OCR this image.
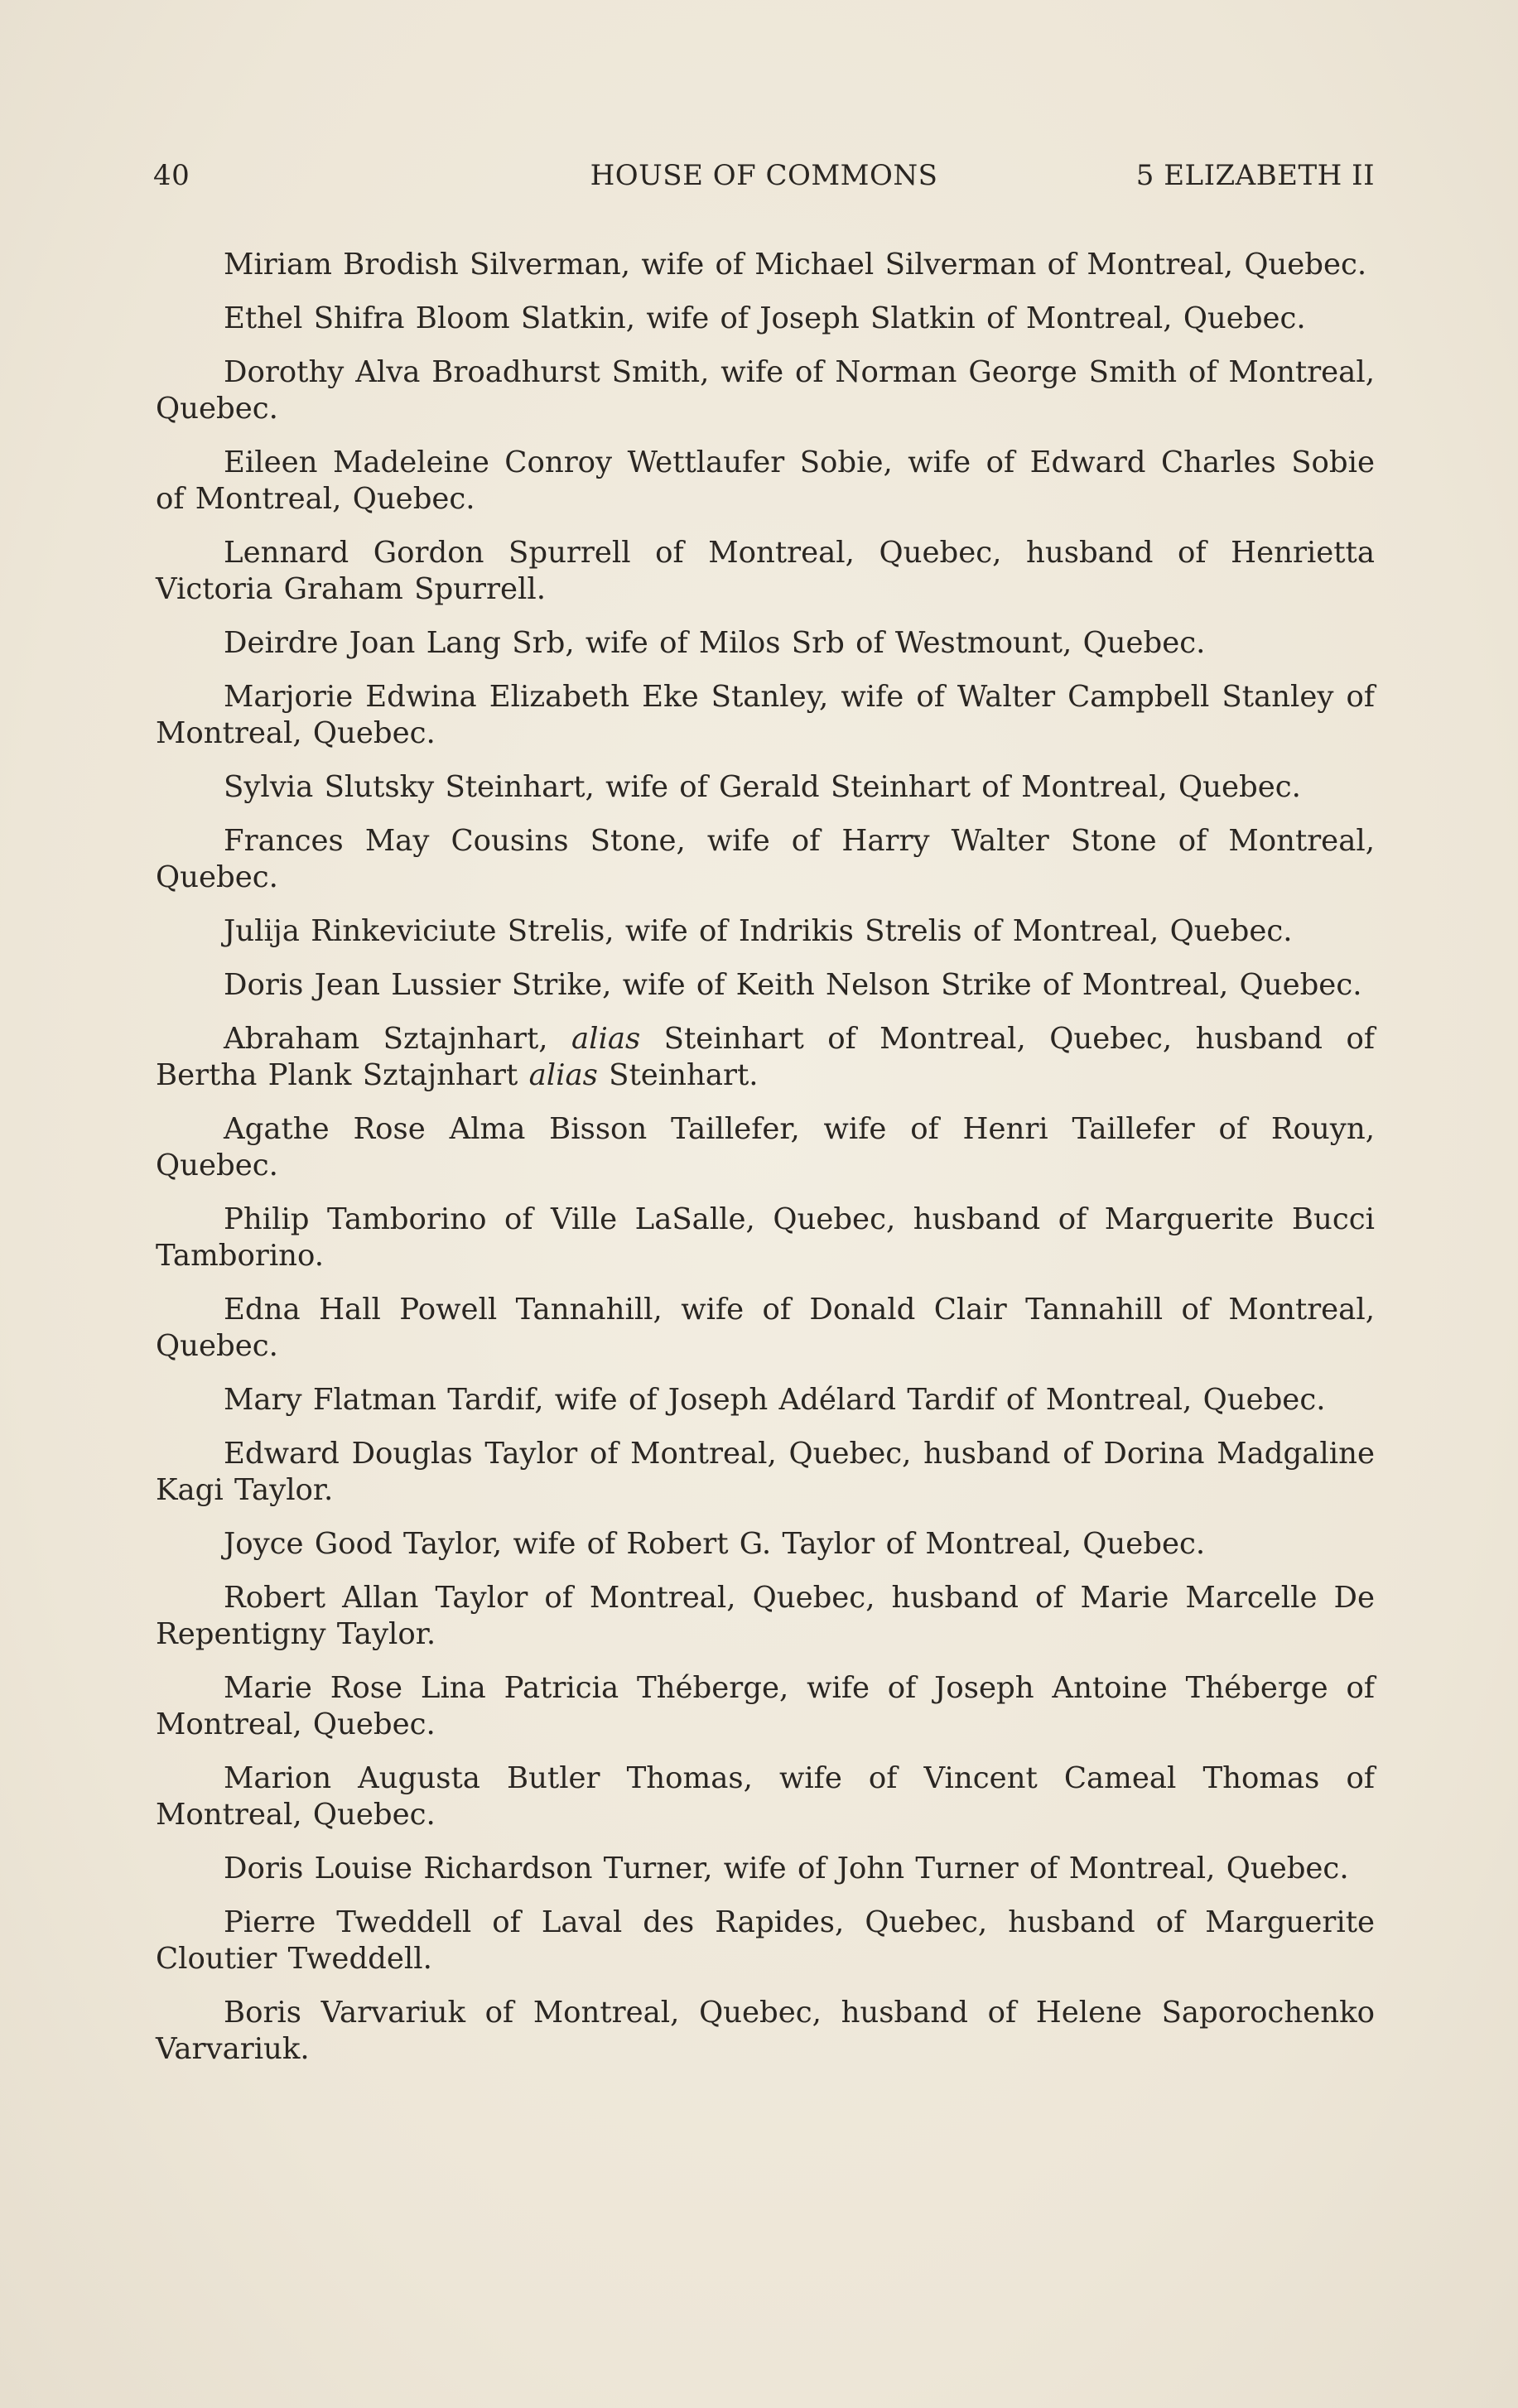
40	HOUSE OF COMMONS	5 ELIZABETH II

Miriam Brodish Silverman, wife of Michael Silverman of Montreal, Quebec.

Ethel Shifra Bloom Slatkin, wife of Joseph Slatkin of Montreal, Quebec.

Dorothy Alva Broadhurst Smith, wife of Norman George Smith of Montreal, Quebec.

Eileen Madeleine Conroy Wettlaufer Sobie, wife of Edward Charles Sobie of Montreal, Quebec.

Lennard Gordon Spurrell of Montreal, Quebec, husband of Henrietta Victoria Graham Spurrell.

Deirdre Joan Lang Srb, wife of Milos Srb of Westmount, Quebec.

Marjorie Edwina Elizabeth Eke Stanley, wife of Walter Campbell Stanley of Montreal, Quebec.

Sylvia Slutsky Steinhart, wife of Gerald Steinhart of Montreal, Quebec.

Frances May Cousins Stone, wife of Harry Walter Stone of Montreal, Quebec.

Julija Rinkeviciute Strelis, wife of Indrikis Strelis of Montreal, Quebec.

Doris Jean Lussier Strike, wife of Keith Nelson Strike of Montreal, Quebec.

Abraham Sztajnhart, alias Steinhart of Montreal, Quebec, husband of Bertha Plank Sztajnhart alias Steinhart.

Agathe Rose Alma Bisson Taillefer, wife of Henri Taillefer of Rouyn, Quebec.

Philip Tamborino of Ville LaSalle, Quebec, husband of Marguerite Bucci Tamborino.

Edna Hall Powell Tannahill, wife of Donald Clair Tannahill of Montreal, Quebec.

Mary Flatman Tardif, wife of Joseph Adélard Tardif of Montreal, Quebec.

Edward Douglas Taylor of Montreal, Quebec, husband of Dorina Madgaline Kagi Taylor.

Joyce Good Taylor, wife of Robert G. Taylor of Montreal, Quebec.

Robert Allan Taylor of Montreal, Quebec, husband of Marie Marcelle De Repentigny Taylor.

Marie Rose Lina Patricia Théberge, wife of Joseph Antoine Théberge of Montreal, Quebec.

Marion Augusta Butler Thomas, wife of Vincent Cameal Thomas of Montreal, Quebec.

Doris Louise Richardson Turner, wife of John Turner of Montreal, Quebec.

Pierre Tweddell of Laval des Rapides, Quebec, husband of Marguerite Cloutier Tweddell.

Boris Varvariuk of Montreal, Quebec, husband of Helene Saporochenko Varvariuk.
